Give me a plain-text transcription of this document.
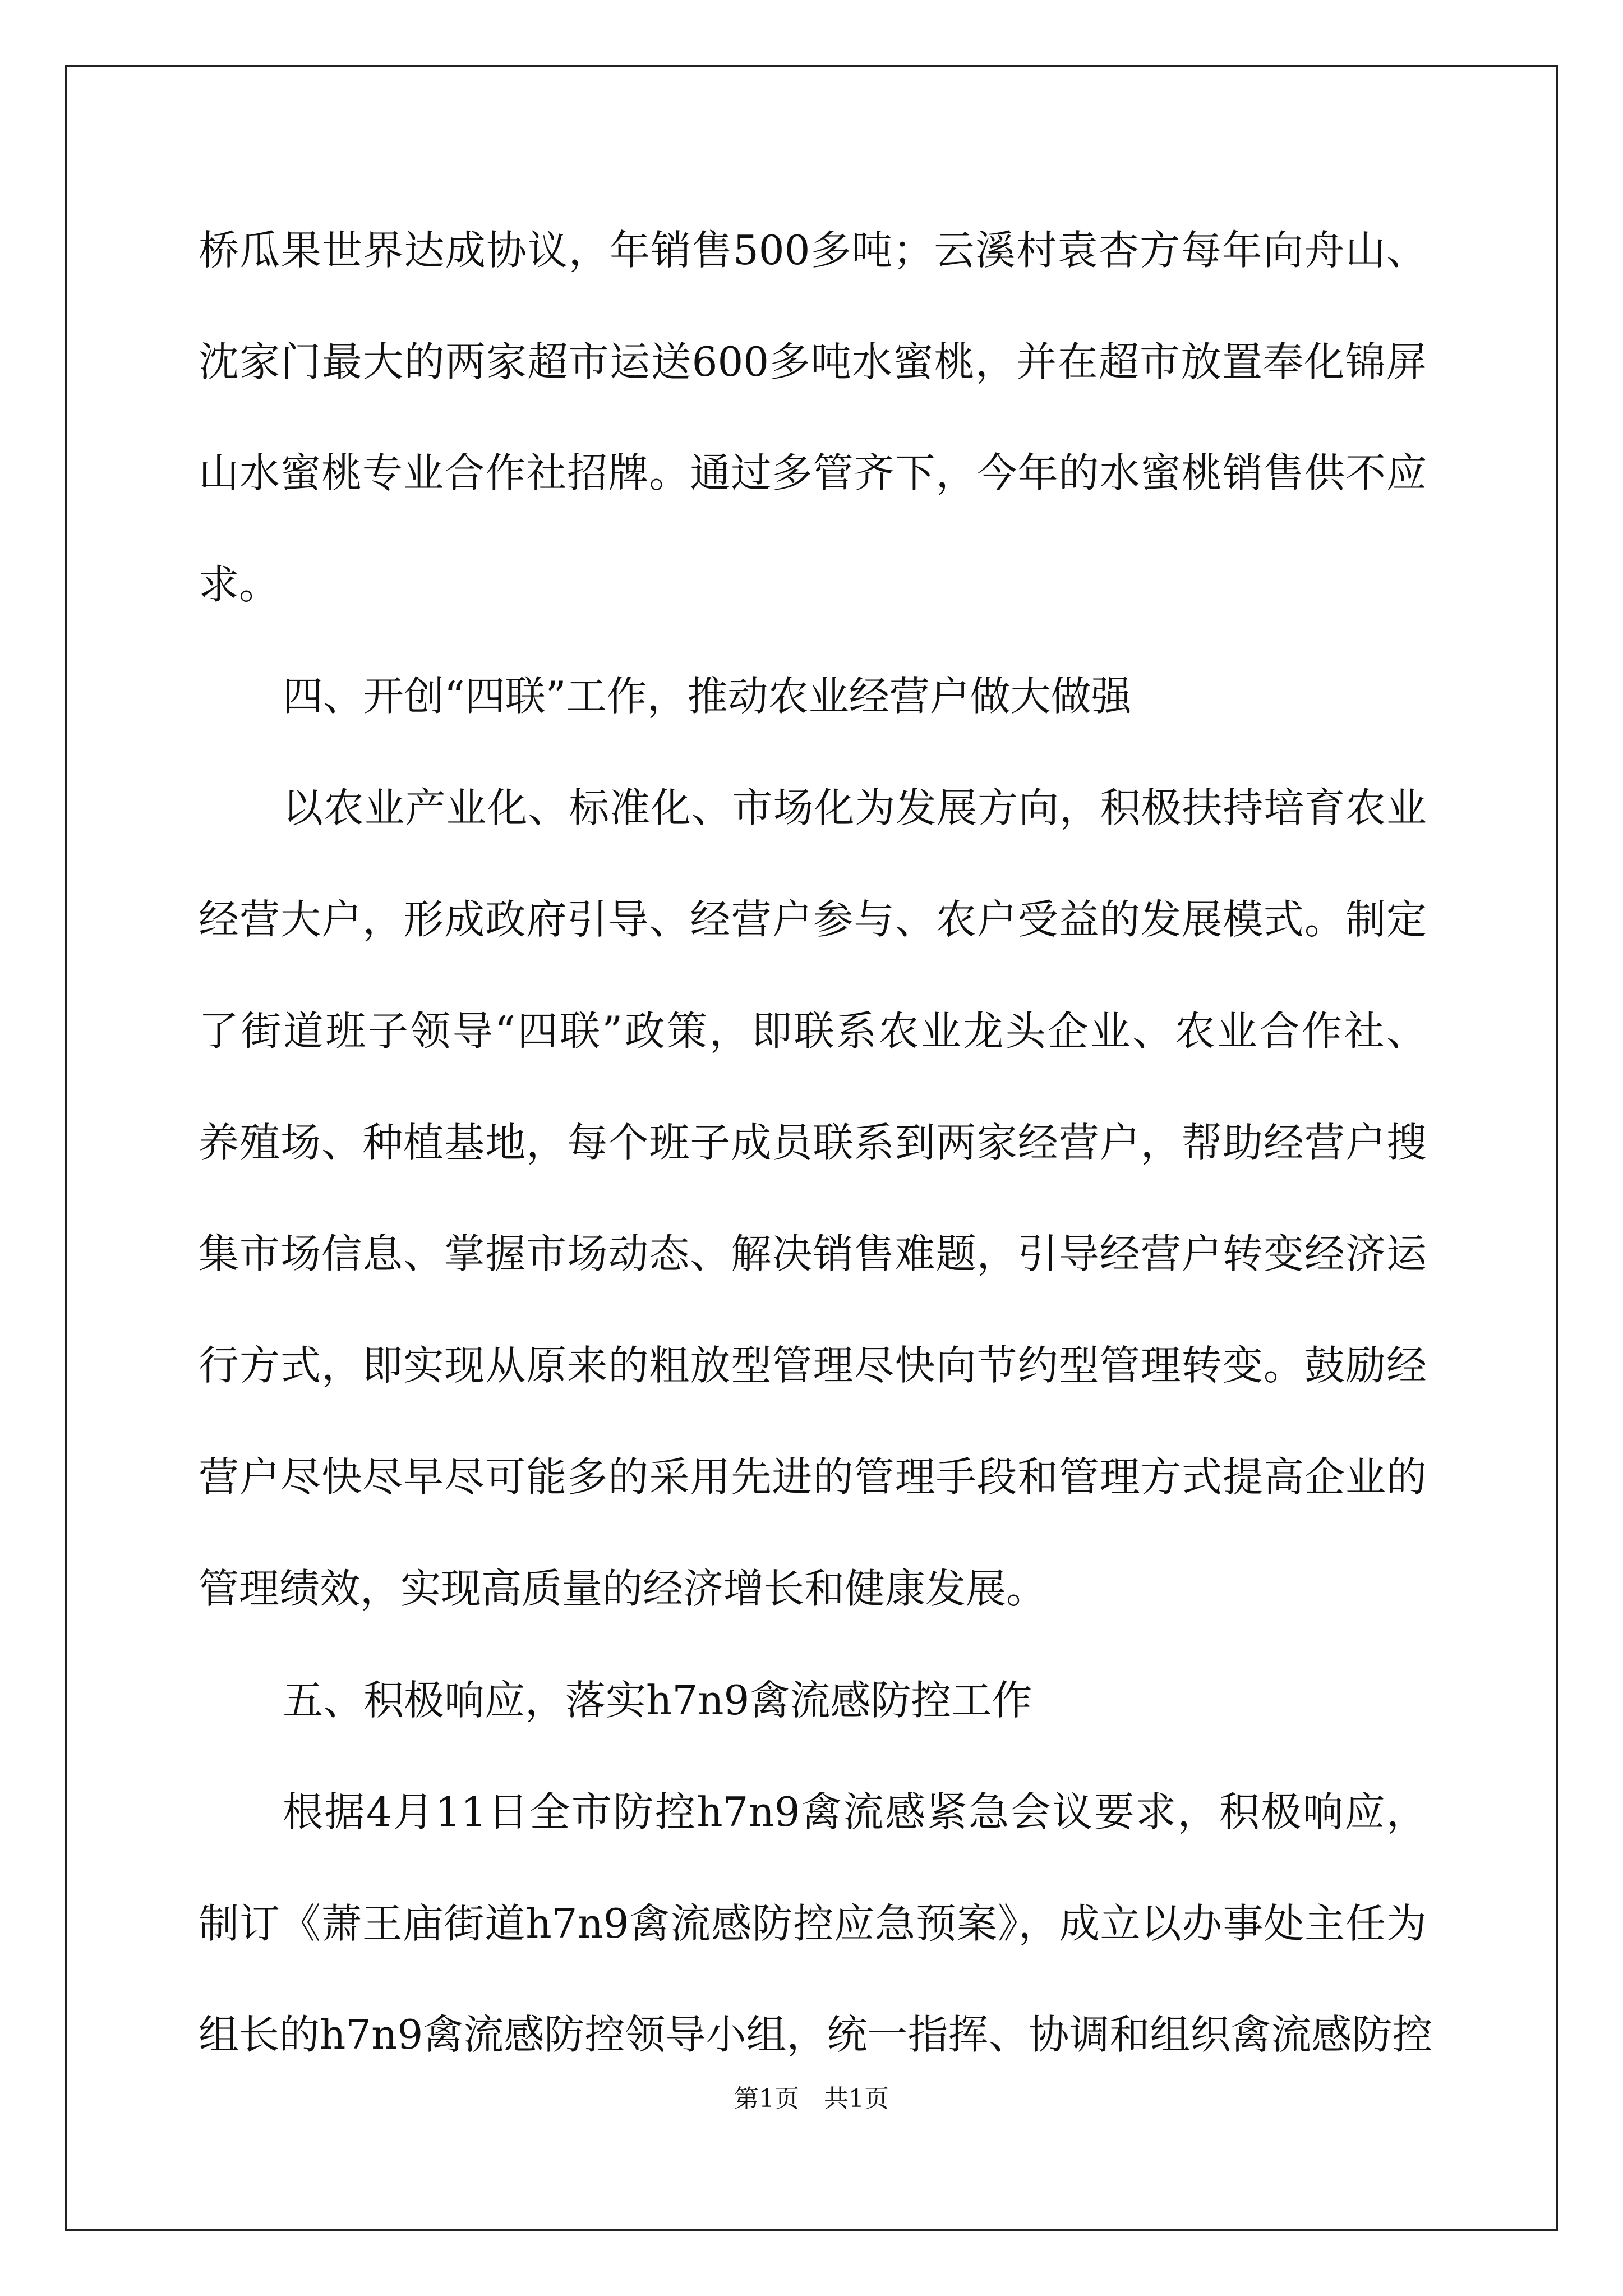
桥瓜果世界达成协议，年销售500多吨；云溪村袁杏方每年向舟山、
沈家门最大的两家超市运送600多吨水蜜桃，并在超市放置奉化锦屏
山水蜜桃专业合作社招牌。通过多管齐下，今年的水蜜桃销售供不应
求。
四、开创“四联”工作，推动农业经营户做大做强
以农业产业化、标准化、市场化为发展方向，积极扶持培育农业
经营大户，形成政府引导、经营户参与、农户受益的发展模式。制定
了街道班子领导“四联”政策，即联系农业龙头企业、农业合作社、
养殖场、种植基地，每个班子成员联系到两家经营户，帮助经营户搜
集市场信息、掌握市场动态、解决销售难题，引导经营户转变经济运
行方式，即实现从原来的粗放型管理尽快向节约型管理转变。鼓励经
营户尽快尽早尽可能多的采用先进的管理手段和管理方式提高企业的
管理绩效，实现高质量的经济增长和健康发展。
五、积极响应，落实h7n9禽流感防控工作
根据4月11日全市防控h7n9禽流感紧急会议要求，积极响应，
制订《萧王庙街道h7n9禽流感防控应急预案》，成立以办事处主任为
组长的h7n9禽流感防控领导小组，统一指挥、协调和组织禽流感防控
第1页　共1页
